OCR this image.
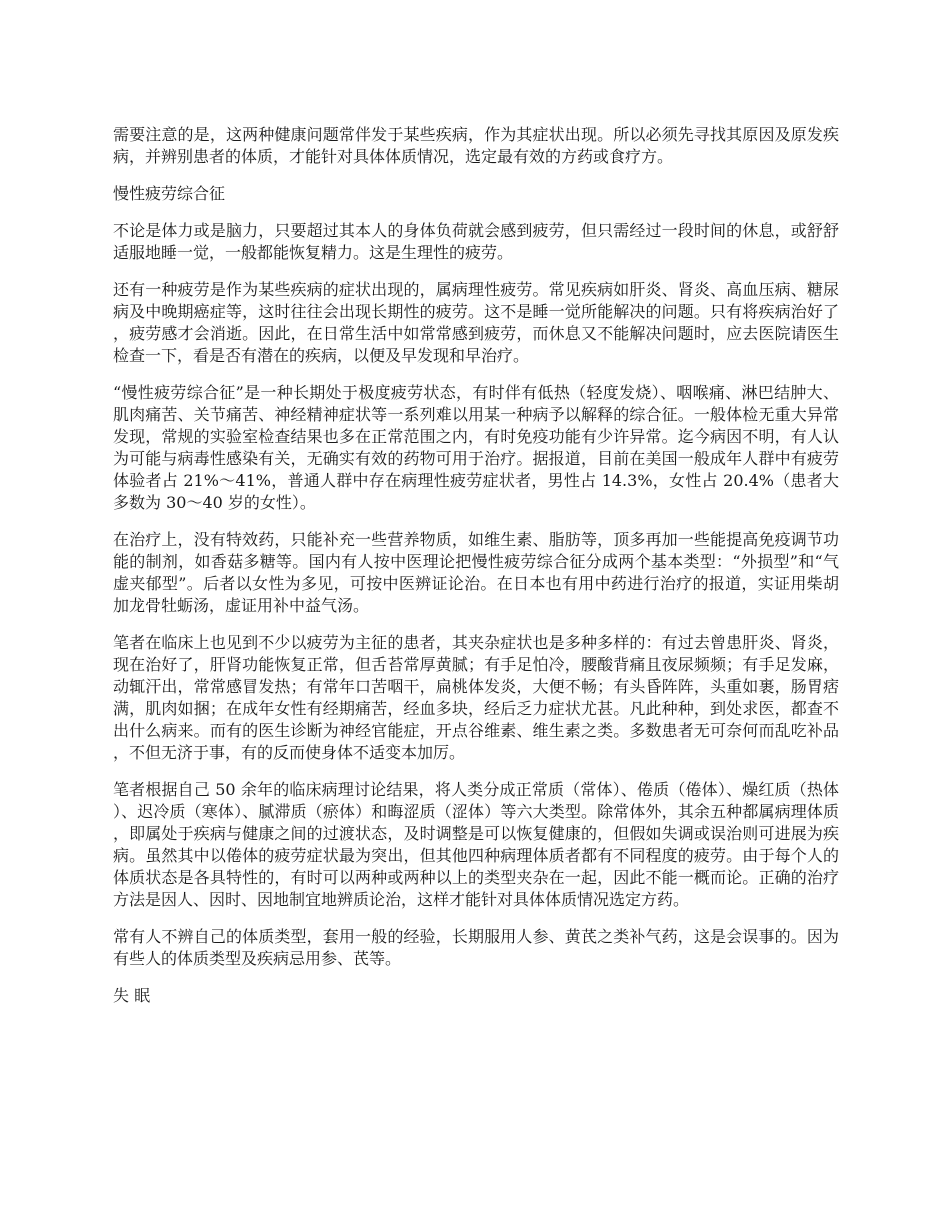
需要注意的是，这两种健康问题常伴发于某些疾病，作为其症状出现。所以必须先寻找其原因及原发疾病，并辨别患者的体质，才能针对具体体质情况，选定最有效的方药或食疗方。

慢性疲劳综合征

不论是体力或是脑力，只要超过其本人的身体负荷就会感到疲劳，但只需经过一段时间的休息，或舒舒适服地睡一觉，一般都能恢复精力。这是生理性的疲劳。

还有一种疲劳是作为某些疾病的症状出现的，属病理性疲劳。常见疾病如肝炎、肾炎、高血压病、糖尿病及中晚期癌症等，这时往往会出现长期性的疲劳。这不是睡一觉所能解决的问题。只有将疾病治好了，疲劳感才会消逝。因此，在日常生活中如常常感到疲劳，而休息又不能解决问题时，应去医院请医生检查一下，看是否有潜在的疾病，以便及早发现和早治疗。

“慢性疲劳综合征”是一种长期处于极度疲劳状态，有时伴有低热（轻度发烧）、咽喉痛、淋巴结肿大、肌肉痛苦、关节痛苦、神经精神症状等一系列难以用某一种病予以解释的综合征。一般体检无重大异常发现，常规的实验室检查结果也多在正常范围之内，有时免疫功能有少许异常。迄今病因不明，有人认为可能与病毒性感染有关，无确实有效的药物可用于治疗。据报道，目前在美国一般成年人群中有疲劳体验者占 21%～41%，普通人群中存在病理性疲劳症状者，男性占 14.3%，女性占 20.4%（患者大多数为 30～40 岁的女性）。

在治疗上，没有特效药，只能补充一些营养物质，如维生素、脂肪等，顶多再加一些能提高免疫调节功能的制剂，如香菇多糖等。国内有人按中医理论把慢性疲劳综合征分成两个基本类型：“外损型”和“气虚夹郁型”。后者以女性为多见，可按中医辨证论治。在日本也有用中药进行治疗的报道，实证用柴胡加龙骨牡蛎汤，虚证用补中益气汤。

笔者在临床上也见到不少以疲劳为主征的患者，其夹杂症状也是多种多样的：有过去曾患肝炎、肾炎，现在治好了，肝肾功能恢复正常，但舌苔常厚黄腻；有手足怕冷，腰酸背痛且夜尿频频；有手足发麻，动辄汗出，常常感冒发热；有常年口苦咽干，扁桃体发炎，大便不畅；有头昏阵阵，头重如裹，肠胃痞满，肌肉如捆；在成年女性有经期痛苦，经血多块，经后乏力症状尤甚。凡此种种，到处求医，都查不出什么病来。而有的医生诊断为神经官能症，开点谷维素、维生素之类。多数患者无可奈何而乱吃补品，不但无济于事，有的反而使身体不适变本加厉。

笔者根据自己 50 余年的临床病理讨论结果，将人类分成正常质（常体）、倦质（倦体）、燥红质（热体）、迟冷质（寒体）、腻滞质（瘀体）和晦涩质（涩体）等六大类型。除常体外，其余五种都属病理体质，即属处于疾病与健康之间的过渡状态，及时调整是可以恢复健康的，但假如失调或误治则可进展为疾病。虽然其中以倦体的疲劳症状最为突出，但其他四种病理体质者都有不同程度的疲劳。由于每个人的体质状态是各具特性的，有时可以两种或两种以上的类型夹杂在一起，因此不能一概而论。正确的治疗方法是因人、因时、因地制宜地辨质论治，这样才能针对具体体质情况选定方药。

常有人不辨自己的体质类型，套用一般的经验，长期服用人参、黄芪之类补气药，这是会误事的。因为有些人的体质类型及疾病忌用参、芪等。

失 眠
